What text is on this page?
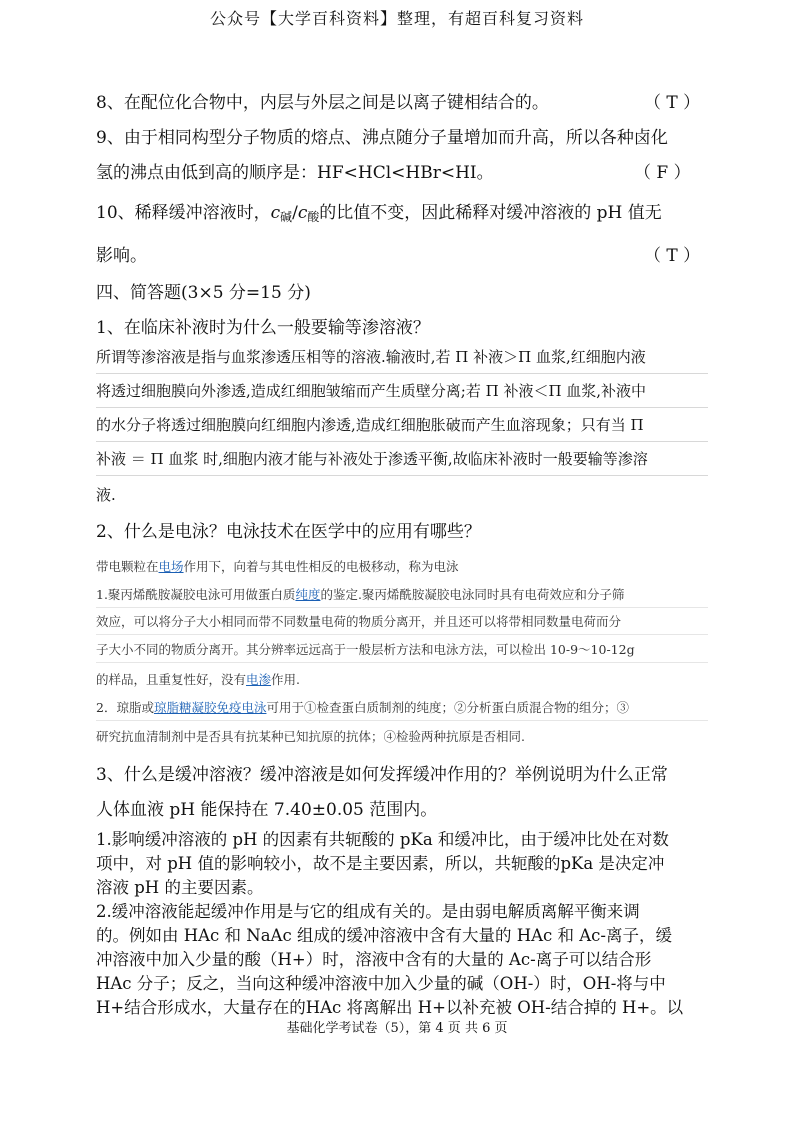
公众号【大学百科资料】整理，有超百科复习资料
8、在配位化合物中，内层与外层之间是以离子键相结合的。	（ T ）
9、由于相同构型分子物质的熔点、沸点随分子量增加而升高，所以各种卤化
氢的沸点由低到高的顺序是：HF<HCl<HBr<HI。	（ F ）
10、稀释缓冲溶液时，$c_碱/c_酸$的比值不变，因此稀释对缓冲溶液的 pH 值无
影响。	（ T ）
四、简答题(3×5 分=15 分)
1、在临床补液时为什么一般要输等渗溶液？
所谓等渗溶液是指与血浆渗透压相等的溶液.输液时,若 Π 补液＞Π 血浆,红细胞内液
将透过细胞膜向外渗透,造成红细胞皱缩而产生质壁分离;若 Π 补液＜Π 血浆,补液中
的水分子将透过细胞膜向红细胞内渗透,造成红细胞胀破而产生血溶现象；只有当 Π
补液 ＝ Π 血浆 时,细胞内液才能与补液处于渗透平衡,故临床补液时一般要输等渗溶
液.
2、什么是电泳？电泳技术在医学中的应用有哪些？
带电颗粒在电场作用下，向着与其电性相反的电极移动，称为电泳
1.聚丙烯酰胺凝胶电泳可用做蛋白质纯度的鉴定.聚丙烯酰胺凝胶电泳同时具有电荷效应和分子筛
效应，可以将分子大小相同而带不同数量电荷的物质分离开，并且还可以将带相同数量电荷而分
子大小不同的物质分离开。其分辨率远远高于一般层析方法和电泳方法，可以检出 10-9～10-12g
的样品，且重复性好，没有电渗作用.
2．琼脂或琼脂糖凝胶免疫电泳可用于①检查蛋白质制剂的纯度；②分析蛋白质混合物的组分；③
研究抗血清制剂中是否具有抗某种已知抗原的抗体；④检验两种抗原是否相同.
3、什么是缓冲溶液？缓冲溶液是如何发挥缓冲作用的？举例说明为什么正常
人体血液 pH 能保持在 7.40±0.05 范围内。
1.影响缓冲溶液的 pH 的因素有共轭酸的 pKa 和缓冲比，由于缓冲比处在对数
项中，对 pH 值的影响较小，故不是主要因素，所以，共轭酸的pKa 是决定冲
溶液 pH 的主要因素。
2.缓冲溶液能起缓冲作用是与它的组成有关的。是由弱电解质离解平衡来调
的。例如由 HAc 和 NaAc 组成的缓冲溶液中含有大量的 HAc 和 Ac-离子，缓
冲溶液中加入少量的酸（H+）时，溶液中含有的大量的 Ac-离子可以结合形
HAc 分子；反之，当向这种缓冲溶液中加入少量的碱（OH-）时，OH-将与中
H+结合形成水，大量存在的HAc 将离解出 H+以补充被 OH-结合掉的 H+。以
基础化学考试卷（5），第 4 页 共 6 页
